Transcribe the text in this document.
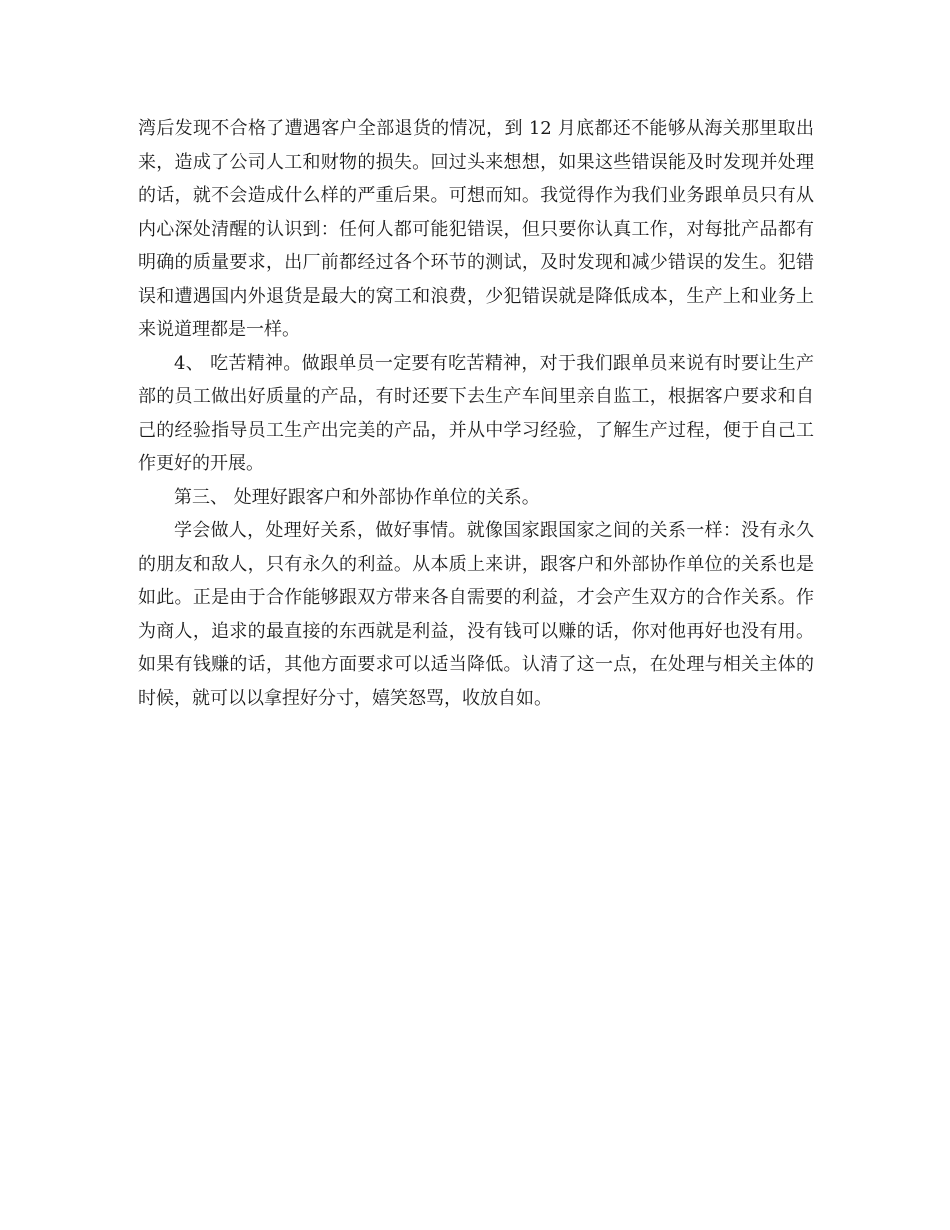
湾后发现不合格了遭遇客户全部退货的情况，到 12 月底都还不能够从海关那里取出来，造成了公司人工和财物的损失。回过头来想想，如果这些错误能及时发现并处理的话，就不会造成什么样的严重后果。可想而知。我觉得作为我们业务跟单员只有从内心深处清醒的认识到：任何人都可能犯错误，但只要你认真工作，对每批产品都有明确的质量要求，出厂前都经过各个环节的测试，及时发现和减少错误的发生。犯错误和遭遇国内外退货是最大的窝工和浪费，少犯错误就是降低成本，生产上和业务上来说道理都是一样。

4、 吃苦精神。做跟单员一定要有吃苦精神，对于我们跟单员来说有时要让生产部的员工做出好质量的产品，有时还要下去生产车间里亲自监工，根据客户要求和自己的经验指导员工生产出完美的产品，并从中学习经验，了解生产过程，便于自己工作更好的开展。

第三、 处理好跟客户和外部协作单位的关系。

学会做人，处理好关系，做好事情。就像国家跟国家之间的关系一样：没有永久的朋友和敌人，只有永久的利益。从本质上来讲，跟客户和外部协作单位的关系也是如此。正是由于合作能够跟双方带来各自需要的利益，才会产生双方的合作关系。作为商人，追求的最直接的东西就是利益，没有钱可以赚的话，你对他再好也没有用。如果有钱赚的话，其他方面要求可以适当降低。认清了这一点，在处理与相关主体的时候，就可以以拿捏好分寸，嬉笑怒骂，收放自如。
